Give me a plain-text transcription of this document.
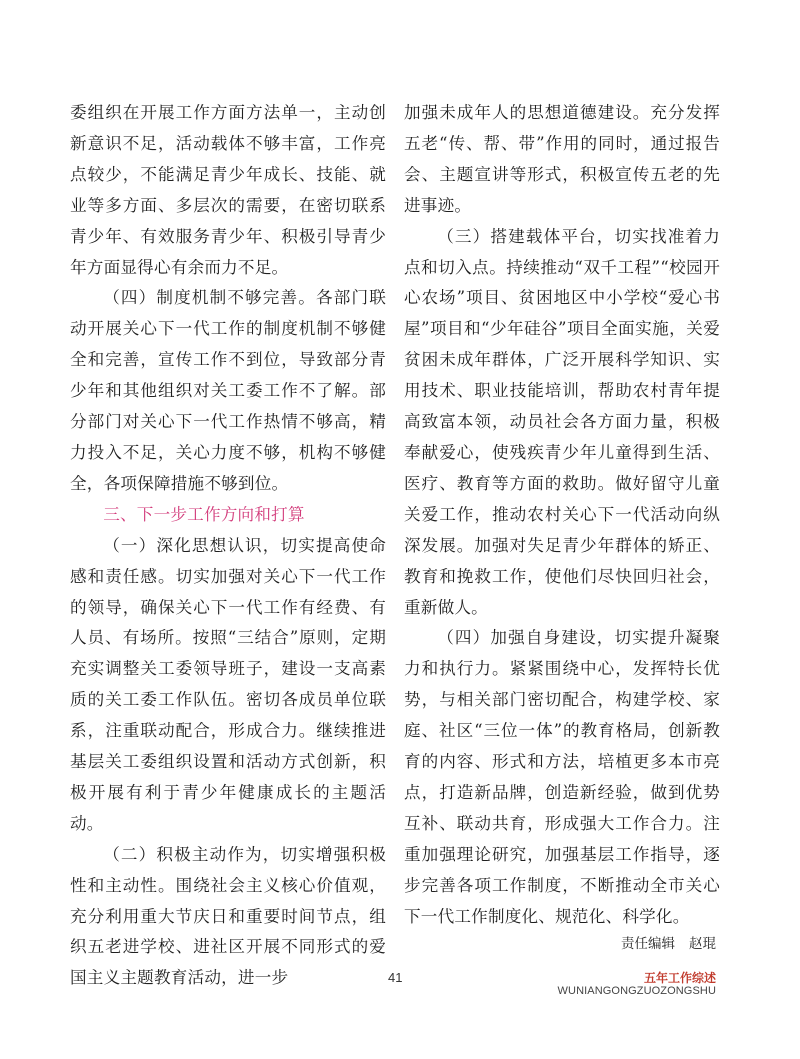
委组织在开展工作方面方法单一，主动创新意识不足，活动载体不够丰富，工作亮点较少，不能满足青少年成长、技能、就业等多方面、多层次的需要，在密切联系青少年、有效服务青少年、积极引导青少年方面显得心有余而力不足。

（四）制度机制不够完善。各部门联动开展关心下一代工作的制度机制不够健全和完善，宣传工作不到位，导致部分青少年和其他组织对关工委工作不了解。部分部门对关心下一代工作热情不够高，精力投入不足，关心力度不够，机构不够健全，各项保障措施不够到位。

三、下一步工作方向和打算

（一）深化思想认识，切实提高使命感和责任感。切实加强对关心下一代工作的领导，确保关心下一代工作有经费、有人员、有场所。按照“三结合”原则，定期充实调整关工委领导班子，建设一支高素质的关工委工作队伍。密切各成员单位联系，注重联动配合，形成合力。继续推进基层关工委组织设置和活动方式创新，积极开展有利于青少年健康成长的主题活动。

（二）积极主动作为，切实增强积极性和主动性。围绕社会主义核心价值观，充分利用重大节庆日和重要时间节点，组织五老进学校、进社区开展不同形式的爱国主义主题教育活动，进一步

加强未成年人的思想道德建设。充分发挥五老“传、帮、带”作用的同时，通过报告会、主题宣讲等形式，积极宣传五老的先进事迹。

（三）搭建载体平台，切实找准着力点和切入点。持续推动“双千工程”“校园开心农场”项目、贫困地区中小学校“爱心书屋”项目和“少年硅谷”项目全面实施，关爱贫困未成年群体，广泛开展科学知识、实用技术、职业技能培训，帮助农村青年提高致富本领，动员社会各方面力量，积极奉献爱心，使残疾青少年儿童得到生活、医疗、教育等方面的救助。做好留守儿童关爱工作，推动农村关心下一代活动向纵深发展。加强对失足青少年群体的矫正、教育和挽救工作，使他们尽快回归社会，重新做人。

（四）加强自身建设，切实提升凝聚力和执行力。紧紧围绕中心，发挥特长优势，与相关部门密切配合，构建学校、家庭、社区“三位一体”的教育格局，创新教育的内容、形式和方法，培植更多本市亮点，打造新品牌，创造新经验，做到优势互补、联动共育，形成强大工作合力。注重加强理论研究，加强基层工作指导，逐步完善各项工作制度，不断推动全市关心下一代工作制度化、规范化、科学化。

责任编辑 赵琨
41	五年工作综述
WUNIANGONGZUOZONGSHU
